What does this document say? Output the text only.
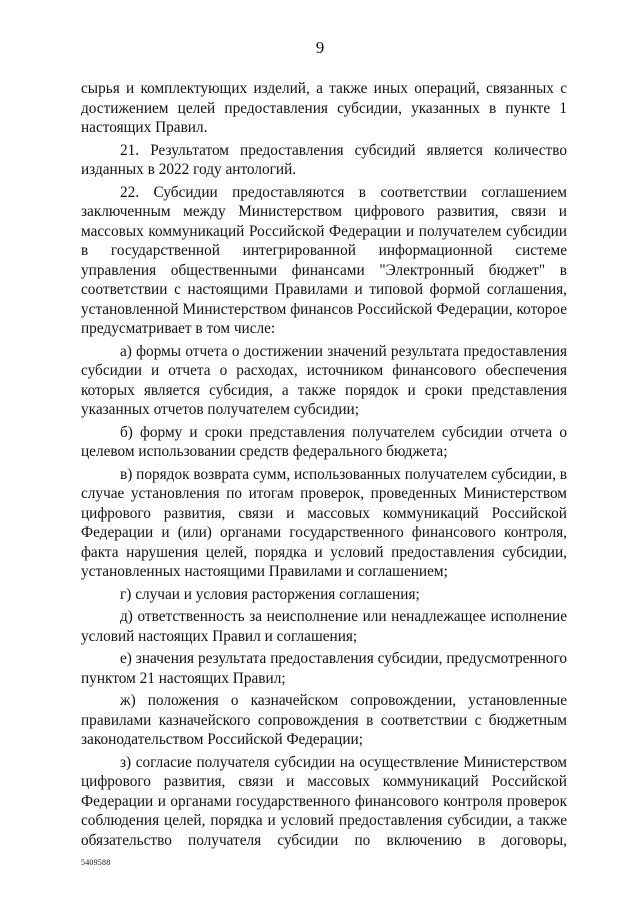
9

сырья и комплектующих изделий, а также иных операций, связанных с достижением целей предоставления субсидии, указанных в пункте 1 настоящих Правил.

21. Результатом предоставления субсидий является количество изданных в 2022 году антологий.

22. Субсидии предоставляются в соответствии соглашением заключенным между Министерством цифрового развития, связи и массовых коммуникаций Российской Федерации и получателем субсидии в государственной интегрированной информационной системе управления общественными финансами "Электронный бюджет" в соответствии с настоящими Правилами и типовой формой соглашения, установленной Министерством финансов Российской Федерации, которое предусматривает в том числе:

а) формы отчета о достижении значений результата предоставления субсидии и отчета о расходах, источником финансового обеспечения которых является субсидия, а также порядок и сроки представления указанных отчетов получателем субсидии;

б) форму и сроки представления получателем субсидии отчета о целевом использовании средств федерального бюджета;

в) порядок возврата сумм, использованных получателем субсидии, в случае установления по итогам проверок, проведенных Министерством цифрового развития, связи и массовых коммуникаций Российской Федерации и (или) органами государственного финансового контроля, факта нарушения целей, порядка и условий предоставления субсидии, установленных настоящими Правилами и соглашением;

г) случаи и условия расторжения соглашения;

д) ответственность за неисполнение или ненадлежащее исполнение условий настоящих Правил и соглашения;

е) значения результата предоставления субсидии, предусмотренного пунктом 21 настоящих Правил;

ж) положения о казначейском сопровождении, установленные правилами казначейского сопровождения в соответствии с бюджетным законодательством Российской Федерации;

з) согласие получателя субсидии на осуществление Министерством цифрового развития, связи и массовых коммуникаций Российской Федерации и органами государственного финансового контроля проверок соблюдения целей, порядка и условий предоставления субсидии, а также обязательство получателя субсидии по включению в договоры,

5409588
